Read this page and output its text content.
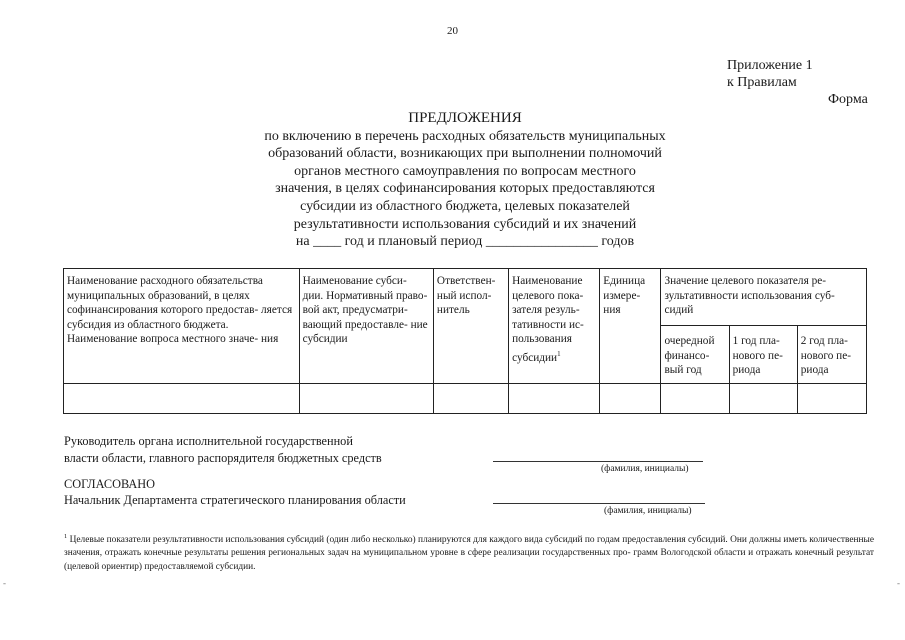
20
Приложение 1
к Правилам
Форма
ПРЕДЛОЖЕНИЯ
по включению в перечень расходных обязательств муниципальных
образований области, возникающих при выполнении полномочий
органов местного самоуправления по вопросам местного
значения, в целях софинансирования которых предоставляются
субсидии из областного бюджета, целевых показателей
результативности использования субсидий и их значений
на ____ год и плановый период ________________ годов
Наименование расходного обязательства муниципальных образований, в целях софинансирования которого предостав- ляется субсидия из областного бюджета. Наименование вопроса местного значе- ния	Наименование субси- дии. Нормативный право- вой акт, предусматри- вающий предоставле- ние субсидии	Ответствен- ный испол- нитель	Наименование целевого пока- зателя резуль- тативности ис- пользования субсидии$^1$	Единица измере- ния	Значение целевого показателя ре- зультативности использования суб- сидий		
					очередной финансо- вый год	1 год пла- нового пе- риода	2 год пла- нового пе- риода

Руководитель органа исполнительной государственной
власти области, главного распорядителя бюджетных средств
(фамилия, инициалы)
СОГЛАСОВАНО
Начальник Департамента стратегического планирования области
(фамилия, инициалы)
$^1$ Целевые показатели результативности использования субсидий (один либо несколько) планируются для каждого вида субсидий по годам предоставления субсидий. Они должны иметь количественные значения, отражать конечные результаты решения региональных задач на муниципальном уровне в сфере реализации государственных про- грамм Вологодской области и отражать конечный результат (целевой ориентир) предоставляемой субсидии.
-	-
